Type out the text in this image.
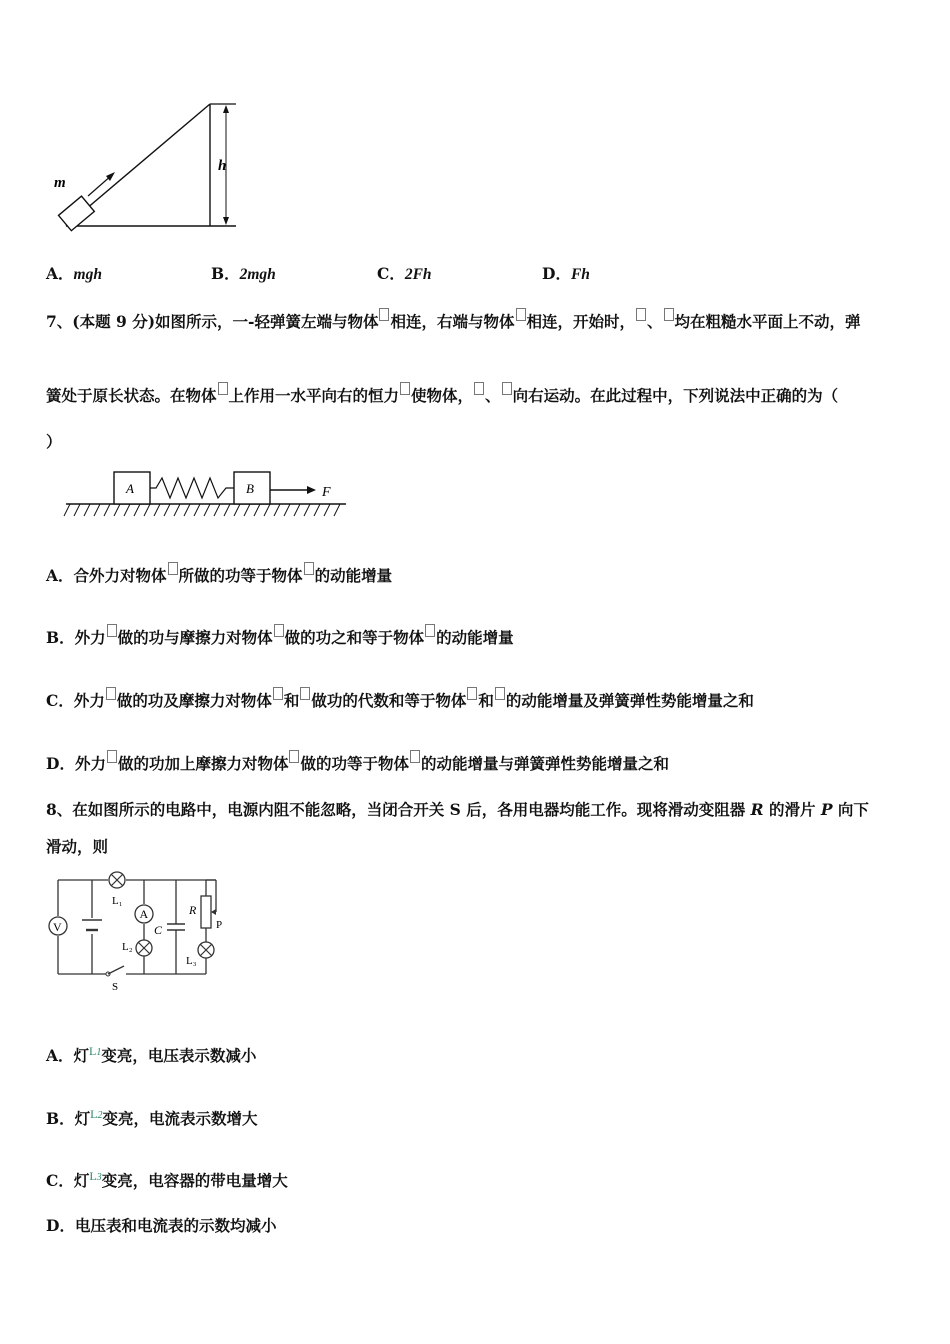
m
h
A．mgh	B．2mgh	C．2Fh	D．Fh
7、(本题 9 分)如图所示，一-轻弹簧左端与物体 相连，右端与物体 相连，开始时， 、 均在粗糙水平面上不动，弹
簧处于原长状态。在物体 上作用一水平向右的恒力 使物体， 、 向右运动。在此过程中，下列说法中正确的为（
）
A	B	F
A．合外力对物体 所做的功等于物体 的动能增量
B．外力 做的功与摩擦力对物体 做的功之和等于物体 的动能增量
C．外力 做的功及摩擦力对物体 和 做功的代数和等于物体 和 的动能增量及弹簧弹性势能增量之和
D．外力 做的功加上摩擦力对物体 做的功等于物体 的动能增量与弹簧弹性势能增量之和
8、在如图所示的电路中，电源内阻不能忽略，当闭合开关 S 后，各用电器均能工作。现将滑动变阻器 R 的滑片 P 向下
滑动，则
V
L₁
A
L₂
C
R
P
L₃
S
A．灯$^{L1}$变亮，电压表示数减小
B．灯$^{L2}$变亮，电流表示数增大
C．灯$^{L3}$变亮，电容器的带电量增大
D．电压表和电流表的示数均减小
